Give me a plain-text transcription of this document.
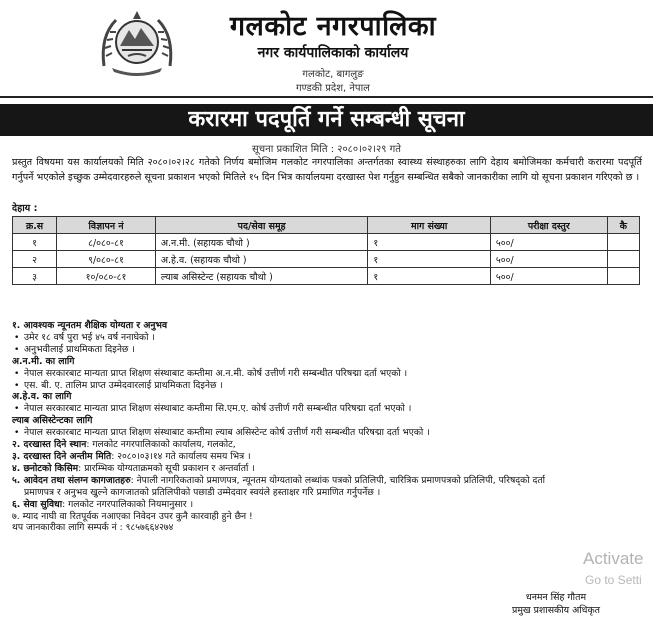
गलकोट नगरपालिका
नगर कार्यपालिकाको कार्यालय
गलकोट, बागलुङ
गण्डकी प्रदेश, नेपाल
करारमा पदपूर्ति गर्ने सम्बन्धी सूचना
सूचना प्रकाशित मिति : २०८०।०२।२९ गते
प्रस्तुत विषयमा यस कार्यालयको मिति २०८०।०२।२८ गतेको निर्णय बमोजिम गलकोट नगरपालिका अन्तर्गतका स्वास्थ्य संस्थाहरुका लागि देहाय बमोजिमका कर्मचारी करारमा पदपूर्ति गर्नुपर्ने भएकोले इच्छुक उम्मेदवारहरुले सूचना प्रकाशन भएको मितिले १५ दिन भित्र कार्यालयमा दरखास्त पेश गर्नुहुन सम्बन्धित सबैको जानकारीका लागि यो सूचना प्रकाशन गरिएको छ ।
देहाय :
क्र.स	विज्ञापन नं	पद/सेवा समूह	माग संख्या	परीक्षा दस्तुर	कै
१	८/०८०-८१	अ.न.मी. (सहायक चौथो )	१	५००/	
२	९/०८०-८१	अ.हे.व. (सहायक चौथो )	१	५००/	
३	१०/०८०-८१	ल्याब असिस्टेन्ट (सहायक चौथो )	१	५००/	
१. आवश्यक न्यूनतम शैक्षिक योग्यता र अनुभव
• उमेर १८ वर्ष पुरा भई ४५ वर्ष ननाघेको ।
• अनुभवीलाई प्राथमिकता दिइनेछ ।
अ.न.मी. का लागि
• नेपाल सरकारबाट मान्यता प्राप्त शिक्षण संस्थाबाट कम्तीमा अ.न.मी. कोर्ष उत्तीर्ण गरी सम्बन्धीत परिषद्मा दर्ता भएको ।
• एस. बी. ए. तालिम प्राप्त उम्मेदवारलाई प्राथमिकता दिइनेछ ।
अ.हे.व. का लागि
• नेपाल सरकारबाट मान्यता प्राप्त शिक्षण संस्थाबाट कम्तीमा सि.एम.ए. कोर्ष उत्तीर्ण गरी सम्बन्धीत परिषद्मा दर्ता भएको ।
ल्याब असिस्टेन्टका लागि
• नेपाल सरकारबाट मान्यता प्राप्त शिक्षण संस्थाबाट कम्तीमा ल्याब असिस्टेन्ट कोर्ष उत्तीर्ण गरी सम्बन्धीत परिषद्मा दर्ता भएको ।
२. दरखास्त दिने स्थान: गलकोट नगरपालिकाको कार्यालय, गलकोट,
३. दरखास्त दिने अन्तीम मिति: २०८०।०३।१४ गते कार्यालय समय भित्र ।
४. छनोटको किसिम: प्रारम्भिक योग्यताक्रमको सूची प्रकाशन र अन्तर्वार्ता ।
५. आवेदन तथा संलग्न कागजातहरु: नेपाली नागरिकताको प्रमाणपत्र, न्यूनतम योग्यताको लब्धांक पत्रको प्रतिलिपी, चारित्रिक प्रमाणपत्रको प्रतिलिपी, परिषद्को दर्ता
प्रमाणपत्र र अनुभव खुल्ने कागजातको प्रतिलिपीको पछाडी उम्मेदवार स्वयंले हस्ताक्षर गरि प्रमाणित गर्नुपर्नेछ ।
६. सेवा सुविधा: गलकोट नगरपालिकाको नियमानुसार ।
७. म्याद नाघी वा रितपूर्वक नआएका निवेदन उपर कुनै कारवाही हुने छैन !
थप जानकारीका लागि सम्पर्क नं : ९८५७६६४२७४
धनमन सिंह गौतम
प्रमुख प्रशासकीय अधिकृत
Activate
Go to Setti
